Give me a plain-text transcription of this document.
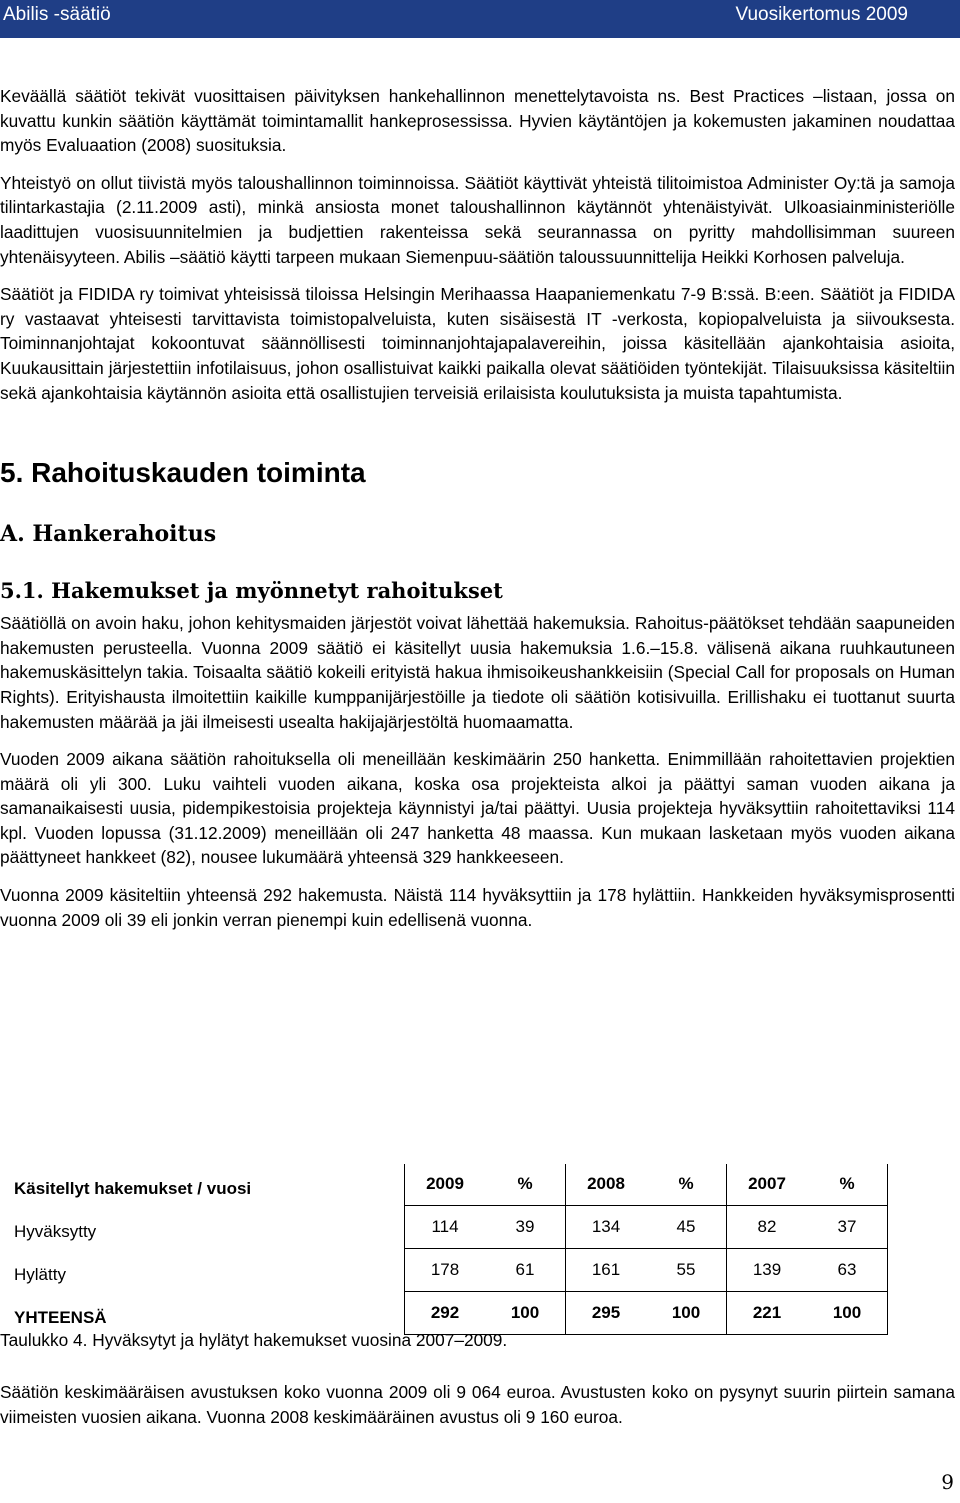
Abilis -säätiö	Vuosikertomus 2009

Keväällä säätiöt tekivät vuosittaisen päivityksen hankehallinnon menettelytavoista ns. Best Practices –listaan, jossa on kuvattu kunkin säätiön käyttämät toimintamallit hankeprosessissa. Hyvien käytäntöjen ja kokemusten jakaminen noudattaa myös Evaluaation (2008) suosituksia.

Yhteistyö on ollut tiivistä myös taloushallinnon toiminnoissa. Säätiöt käyttivät yhteistä tilitoimistoa Administer Oy:tä ja samoja tilintarkastajia (2.11.2009 asti), minkä ansiosta monet taloushallinnon käytännöt yhtenäistyivät. Ulkoasiainministeriölle laadittujen vuosisuunnitelmien ja budjettien rakenteissa sekä seurannassa on pyritty mahdollisimman suureen yhtenäisyyteen. Abilis –säätiö käytti tarpeen mukaan Siemenpuu-säätiön taloussuunnittelija Heikki Korhosen palveluja.

Säätiöt ja FIDIDA ry toimivat yhteisissä tiloissa Helsingin Merihaassa Haapaniemenkatu 7-9 B:ssä. B:een. Säätiöt ja FIDIDA ry vastaavat yhteisesti tarvittavista toimistopalveluista, kuten sisäisestä IT -verkosta, kopiopalveluista ja siivouksesta. Toiminnanjohtajat kokoontuvat säännöllisesti toiminnanjohtajapalavereihin, joissa käsitellään ajankohtaisia asioita, Kuukausittain järjestettiin infotilaisuus, johon osallistuivat kaikki paikalla olevat säätiöiden työntekijät. Tilaisuuksissa käsiteltiin sekä ajankohtaisia käytännön asioita että osallistujien terveisiä erilaisista koulutuksista ja muista tapahtumista.

5. Rahoituskauden toiminta
A. Hankerahoitus
5.1. Hakemukset ja myönnetyt rahoitukset

Säätiöllä on avoin haku, johon kehitysmaiden järjestöt voivat lähettää hakemuksia. Rahoitus-päätökset tehdään saapuneiden hakemusten perusteella. Vuonna 2009 säätiö ei käsitellyt uusia hakemuksia 1.6.–15.8. välisenä aikana ruuhkautuneen hakemuskäsittelyn takia. Toisaalta säätiö kokeili erityistä hakua ihmisoikeushankkeisiin (Special Call for proposals on Human Rights). Erityishausta ilmoitettiin kaikille kumppanijärjestöille ja tiedote oli säätiön kotisivuilla. Erillishaku ei tuottanut suurta hakemusten määrää ja jäi ilmeisesti usealta hakijajärjestöltä huomaamatta.

Vuoden 2009 aikana säätiön rahoituksella oli meneillään keskimäärin 250 hanketta. Enimmillään rahoitettavien projektien määrä oli yli 300. Luku vaihteli vuoden aikana, koska osa projekteista alkoi ja päättyi saman vuoden aikana ja samanaikaisesti uusia, pidempikestoisia projekteja käynnistyi ja/tai päättyi. Uusia projekteja hyväksyttiin rahoitettaviksi 114 kpl. Vuoden lopussa (31.12.2009) meneillään oli 247 hanketta 48 maassa. Kun mukaan lasketaan myös vuoden aikana päättyneet hankkeet (82), nousee lukumäärä yhteensä 329 hankkeeseen.

Vuonna 2009 käsiteltiin yhteensä 292 hakemusta. Näistä 114 hyväksyttiin ja 178 hylättiin. Hankkeiden hyväksymisprosentti vuonna 2009 oli 39 eli jonkin verran pienempi kuin edellisenä vuonna.

Käsitellyt hakemukset / vuosi	2009	%	2008	%	2007	%
Hyväksytty	114	39	134	45	82	37
Hylätty	178	61	161	55	139	63
YHTEENSÄ	292	100	295	100	221	100

Taulukko 4. Hyväksytyt ja hylätyt hakemukset vuosina 2007–2009.

Säätiön keskimääräisen avustuksen koko vuonna 2009 oli 9 064 euroa. Avustusten koko on pysynyt suurin piirtein samana viimeisten vuosien aikana. Vuonna 2008 keskimääräinen avustus oli 9 160 euroa.

9
